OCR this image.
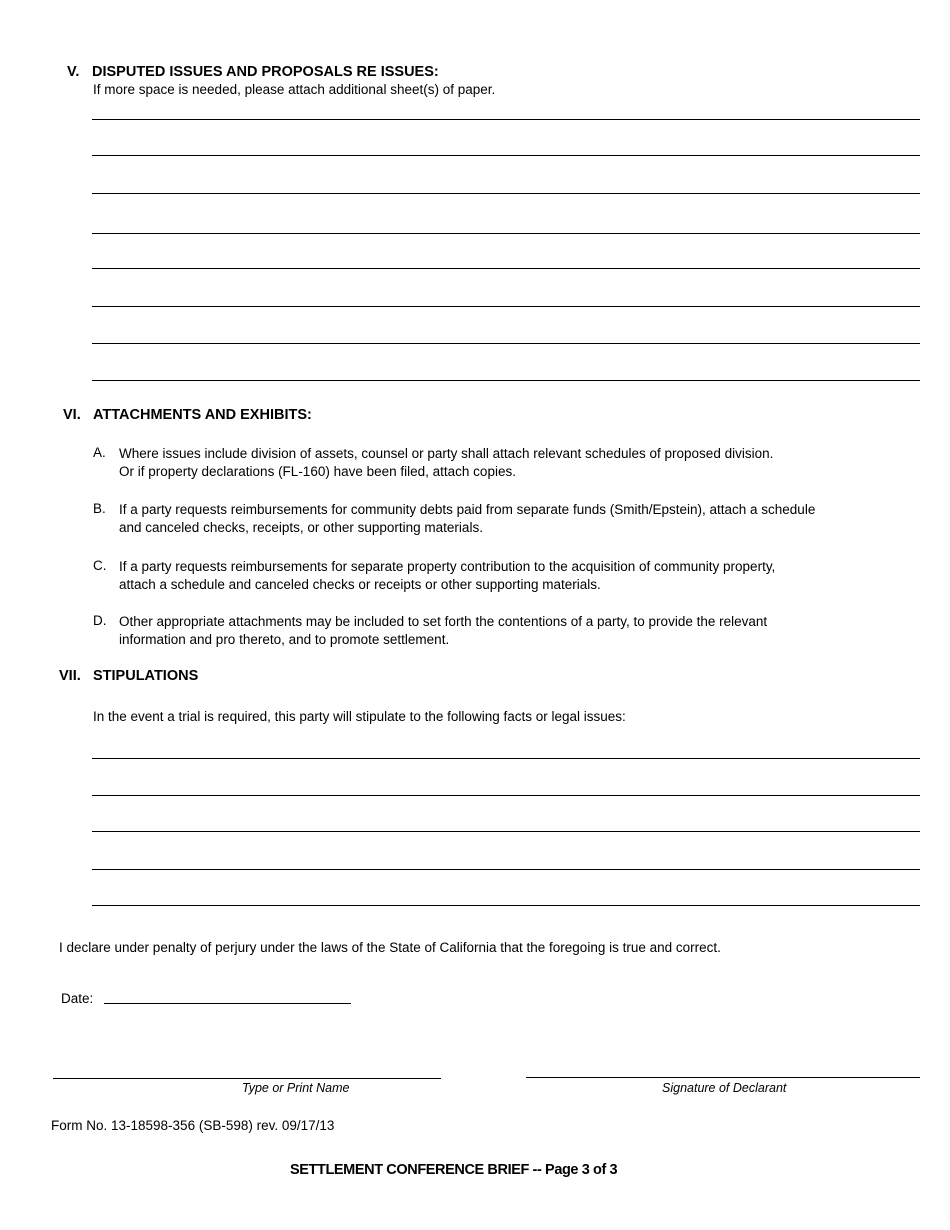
V. DISPUTED ISSUES AND PROPOSALS RE ISSUES:
If more space is needed, please attach additional sheet(s) of paper.
VI. ATTACHMENTS AND EXHIBITS:
A. Where issues include division of assets, counsel or party shall attach relevant schedules of proposed division.
Or if property declarations (FL-160) have been filed, attach copies.
B. If a party requests reimbursements for community debts paid from separate funds (Smith/Epstein), attach a schedule
and canceled checks, receipts, or other supporting materials.
C. If a party requests reimbursements for separate property contribution to the acquisition of community property,
attach a schedule and canceled checks or receipts or other supporting materials.
D. Other appropriate attachments may be included to set forth the contentions of a party, to provide the relevant
information and pro thereto, and to promote settlement.
VII. STIPULATIONS
In the event a trial is required, this party will stipulate to the following facts or legal issues:
I declare under penalty of perjury under the laws of the State of California that the foregoing is true and correct.
Date:
Type or Print Name	Signature of Declarant
Form No. 13-18598-356 (SB-598) rev. 09/17/13
SETTLEMENT CONFERENCE BRIEF -- Page 3 of 3
